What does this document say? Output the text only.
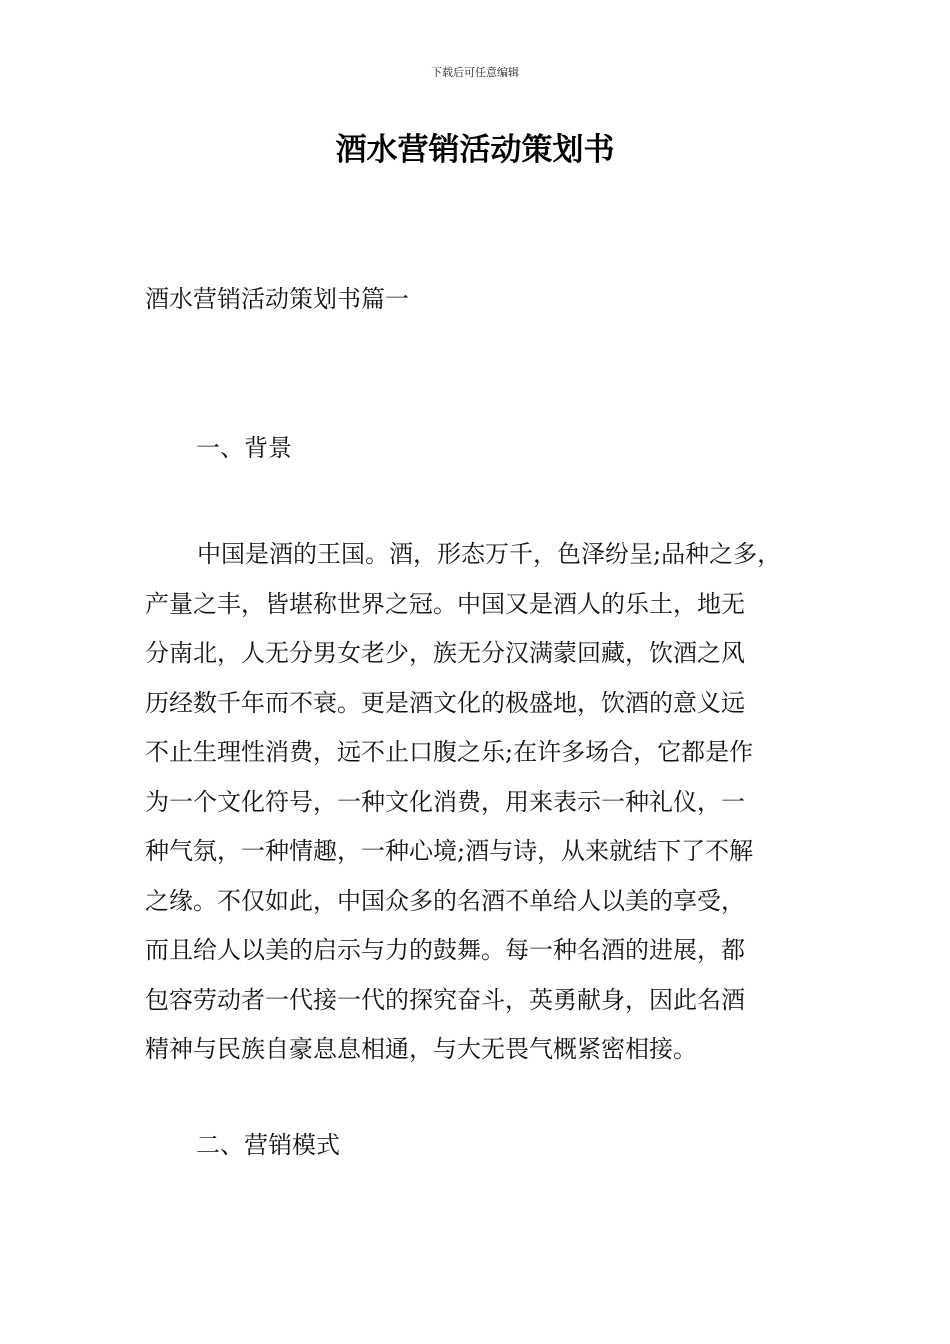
下载后可任意编辑
酒水营销活动策划书
酒水营销活动策划书篇一
一、背景
中国是酒的王国。酒，形态万千，色泽纷呈;品种之多，
产量之丰，皆堪称世界之冠。中国又是酒人的乐土，地无
分南北，人无分男女老少，族无分汉满蒙回藏，饮酒之风
历经数千年而不衰。更是酒文化的极盛地，饮酒的意义远
不止生理性消费，远不止口腹之乐;在许多场合，它都是作
为一个文化符号，一种文化消费，用来表示一种礼仪，一
种气氛，一种情趣，一种心境;酒与诗，从来就结下了不解
之缘。不仅如此，中国众多的名酒不单给人以美的享受，
而且给人以美的启示与力的鼓舞。每一种名酒的进展，都
包容劳动者一代接一代的探究奋斗，英勇献身，因此名酒
精神与民族自豪息息相通，与大无畏气概紧密相接。
二、营销模式
